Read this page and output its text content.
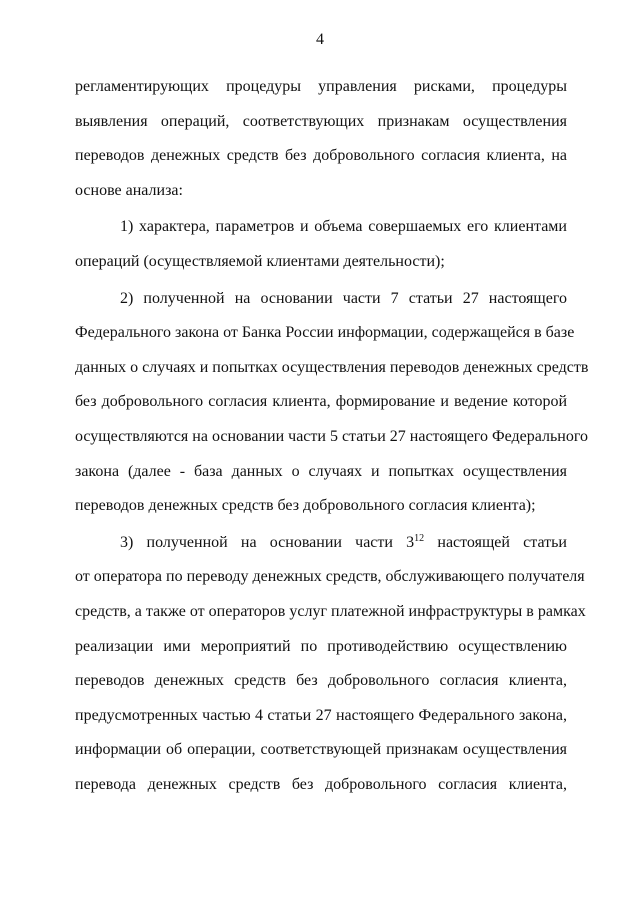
4
регламентирующих процедуры управления рисками, процедуры
выявления операций, соответствующих признакам осуществления
переводов денежных средств без добровольного согласия клиента, на
основе анализа:
1) характера, параметров и объема совершаемых его клиентами
операций (осуществляемой клиентами деятельности);
2) полученной на основании части 7 статьи 27 настоящего
Федерального закона от Банка России информации, содержащейся в базе
данных о случаях и попытках осуществления переводов денежных средств
без добровольного согласия клиента, формирование и ведение которой
осуществляются на основании части 5 статьи 27 настоящего Федерального
закона (далее - база данных о случаях и попытках осуществления
переводов денежных средств без добровольного согласия клиента);
3) полученной на основании части $3^{12}$ настоящей статьи
от оператора по переводу денежных средств, обслуживающего получателя
средств, а также от операторов услуг платежной инфраструктуры в рамках
реализации ими мероприятий по противодействию осуществлению
переводов денежных средств без добровольного согласия клиента,
предусмотренных частью 4 статьи 27 настоящего Федерального закона,
информации об операции, соответствующей признакам осуществления
перевода денежных средств без добровольного согласия клиента,
